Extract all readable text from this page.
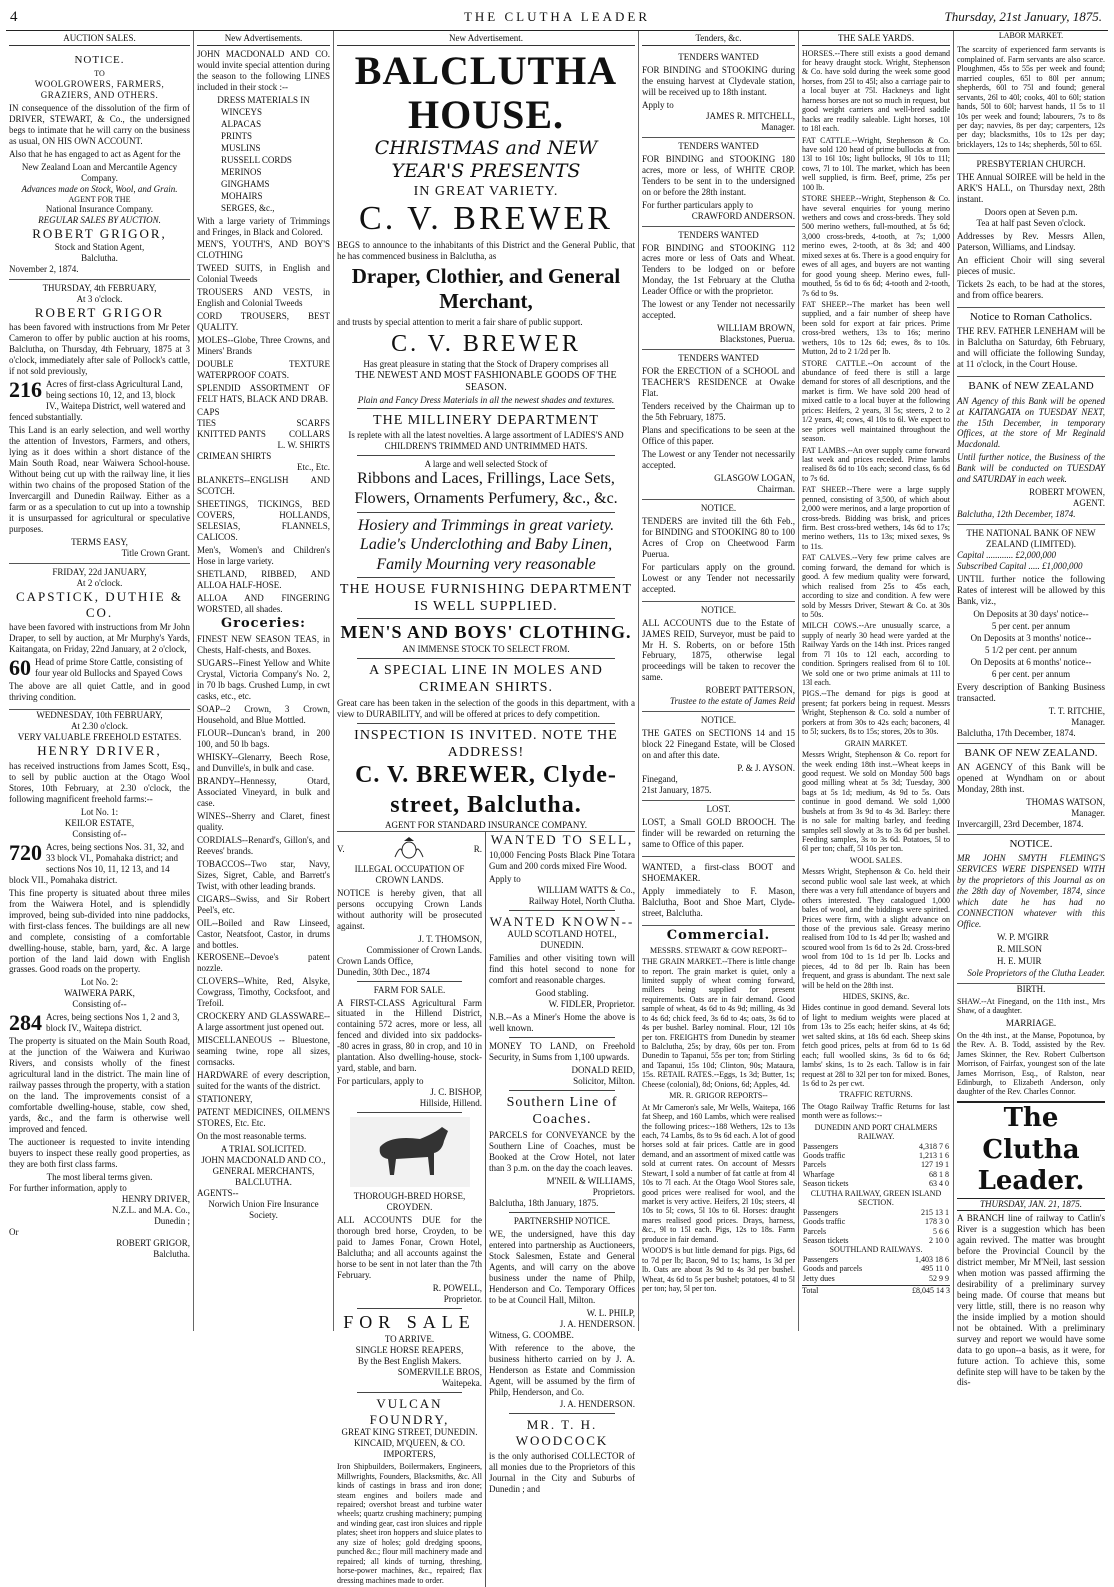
4	THE CLUTHA LEADER	Thursday, 21st January, 1875.
AUCTION SALES.
NOTICE.
TO
WOOLGROWERS, FARMERS, GRAZIERS, AND OTHERS.
IN consequence of the dissolution of the firm of DRIVER, STEWART, & Co., the undersigned begs to intimate that he will carry on the business as usual, ON HIS OWN ACCOUNT.
Also that he has engaged to act as Agent for the
New Zealand Loan and Mercantile Agency Company.
Advances made on Stock, Wool, and Grain.
AGENT FOR THE
National Insurance Company.
REGULAR SALES BY AUCTION.
ROBERT GRIGOR,
Stock and Station Agent,
Balclutha.
November 2, 1874.
THURSDAY, 4th FEBRUARY,
At 3 o'clock.
ROBERT GRIGOR
has been favored with instructions from Mr Peter Cameron to offer by public auction at his rooms, Balclutha, on Thursday, 4th February, 1875 at 3 o'clock, immediately after sale of Pollock's cattle, if not sold previously,
216 Acres of first-class Agricultural Land, being sections 10, 12, and 13, block IV., Waitepa District, well watered and fenced substantially.
This Land is an early selection, and well worthy the attention of Investors, Farmers, and others, lying as it does within a short distance of the Main South Road, near Waiwera School-house. Without being cut up with the railway line, it lies within two chains of the proposed Station of the Invercargill and Dunedin Railway. Either as a farm or as a speculation to cut up into a township it is unsurpassed for agricultural or speculative purposes.
TERMS EASY,
Title Crown Grant.
FRIDAY, 22d JANUARY,
At 2 o'clock.
CAPSTICK, DUTHIE & CO.
have been favored with instructions from Mr John Draper, to sell by auction, at Mr Murphy's Yards, Kaitangata, on Friday, 22nd January, at 2 o'clock,
60 Head of prime Store Cattle, consisting of four year old Bullocks and Spayed Cows
The above are all quiet Cattle, and in good thriving condition.
WEDNESDAY, 10th FEBRUARY,
At 2.30 o'clock.
VERY VALUABLE FREEHOLD ESTATES.
HENRY DRIVER,
has received instructions from James Scott, Esq., to sell by public auction at the Otago Wool Stores, 10th February, at 2.30 o'clock, the following magnificent freehold farms:--
Lot No. 1:
KEILOR ESTATE,
Consisting of--
720 Acres, being sections Nos. 31, 32, and 33 block VI., Pomahaka district; and sections Nos 10, 11, 12 13, and 14 block VII., Pomahaka district.
This fine property is situated about three miles from the Waiwera Hotel, and is splendidly improved, being sub-divided into nine paddocks, with first-class fences. The buildings are all new and complete, consisting of a comfortable dwelling-house, stable, barn, yard, &c. A large portion of the land laid down with English grasses. Good roads on the property.
Lot No. 2:
WAIWERA PARK,
Consisting of--
284 Acres, being sections Nos 1, 2 and 3, block IV., Waitepa district.
The property is situated on the Main South Road, at the junction of the Waiwera and Kuriwao Rivers, and consists wholly of the finest agricultural land in the district. The main line of railway passes through the property, with a station on the land. The improvements consist of a comfortable dwelling-house, stable, cow shed, yards, &c., and the farm is otherwise well improved and fenced.
The auctioneer is requested to invite intending buyers to inspect these really good properties, as they are both first class farms.
The most liberal terms given.
For further information, apply to
HENRY DRIVER,
N.Z.L. and M.A. Co.,
Dunedin ;
Or
ROBERT GRIGOR,
Balclutha.
New Advertisements.
JOHN MACDONALD AND CO. would invite special attention during the season to the following LINES included in their stock :--
DRESS MATERIALS IN
WINCEYS
ALPACAS
PRINTS
MUSLINS
RUSSELL CORDS
MERINOS
GINGHAMS
MOHAIRS
SERGES, &c.,
With a large variety of Trimmings and Fringes, in Black and Colored.
MEN'S, YOUTH'S, AND BOY'S CLOTHING
TWEED SUITS, in English and Colonial Tweeds
TROUSERS AND VESTS, in English and Colonial Tweeds
CORD TROUSERS, BEST QUALITY.
MOLES--Globe, Three Crowns, and Miners' Brands
DOUBLE TEXTURE WATERPROOF COATS.
SPLENDID ASSORTMENT OF FELT HATS, BLACK AND DRAB.
CAPS
TIES	SCARFS
KNITTED PANTS	COLLARS
L. W. SHIRTS
CRIMEAN SHIRTS
Etc., Etc.
BLANKETS--ENGLISH AND SCOTCH.
SHEETINGS, TICKINGS, BED COVERS, HOLLANDS, SELESIAS, FLANNELS, CALICOS.
Men's, Women's and Children's Hose in large variety.
SHETLAND, RIBBED, AND ALLOA HALF-HOSE.
ALLOA AND FINGERING WORSTED, all shades.
Groceries:
FINEST NEW SEASON TEAS, in Chests, Half-chests, and Boxes.
SUGARS--Finest Yellow and White Crystal, Victoria Company's No. 2, in 70 lb bags. Crushed Lump, in cwt casks, etc., etc.
SOAP--2 Crown, 3 Crown, Household, and Blue Mottled.
FLOUR--Duncan's brand, in 200 100, and 50 lb bags.
WHISKY--Glenarry, Beech Rose, and Dunville's, in bulk and case.
BRANDY--Hennessy, Otard, Associated Vineyard, in bulk and case.
WINES--Sherry and Claret, finest quality.
CORDIALS--Renard's, Gillon's, and Reeves' brands.
TOBACCOS--Two star, Navy, Sizes, Sigret, Cable, and Barrett's Twist, with other leading brands.
CIGARS--Swiss, and Sir Robert Peel's, etc.
OIL--Boiled and Raw Linseed, Castor, Neatsfoot, Castor, in drums and bottles.
KEROSENE--Devoe's patent nozzle.
CLOVERS--White, Red, Alsyke, Cowgrass, Timothy, Cocksfoot, and Trefoil.
CROCKERY AND GLASSWARE--A large assortment just opened out.
MISCELLANEOUS -- Bluestone, seaming twine, rope all sizes, cornsacks.
HARDWARE of every description, suited for the wants of the district.
STATIONERY,
PATENT MEDICINES, OILMEN'S STORES, Etc. Etc.
On the most reasonable terms.
A TRIAL SOLICITED.
JOHN MACDONALD AND CO.,
GENERAL MERCHANTS,
BALCLUTHA.
AGENTS--
Norwich Union Fire Insurance Society.
New Advertisement.
BALCLUTHA HOUSE.
CHRISTMAS and NEW YEAR'S PRESENTS
IN GREAT VARIETY.
C. V. BREWER
BEGS to announce to the inhabitants of this District and the General Public, that he has commenced business in Balclutha, as
Draper, Clothier, and General Merchant,
and trusts by special attention to merit a fair share of public support.
C. V. BREWER
Has great pleasure in stating that the Stock of Drapery comprises all
THE NEWEST AND MOST FASHIONABLE GOODS OF THE SEASON.
Plain and Fancy Dress Materials in all the newest shades and textures.
THE MILLINERY DEPARTMENT
Is replete with all the latest novelties. A large assortment of LADIES'S AND CHILDREN'S TRIMMED AND UNTRIMMED HATS.
A large and well selected Stock of
Ribbons and Laces, Frillings, Lace Sets, Flowers, Ornaments Perfumery, &c., &c.
Hosiery and Trimmings in great variety.
Ladie's Underclothing and Baby Linen,
Family Mourning very reasonable
THE HOUSE FURNISHING DEPARTMENT IS WELL SUPPLIED.
MEN'S AND BOYS' CLOTHING.
AN IMMENSE STOCK TO SELECT FROM.
A SPECIAL LINE IN MOLES AND CRIMEAN SHIRTS.
Great care has been taken in the selection of the goods in this department, with a view to DURABILITY, and will be offered at prices to defy competition.
INSPECTION IS INVITED. NOTE THE ADDRESS!
C. V. BREWER, Clyde-street, Balclutha.
AGENT FOR STANDARD INSURANCE COMPANY.
V.	R.
ILLEGAL OCCUPATION OF CROWN LANDS.
NOTICE is hereby given, that all persons occupying Crown Lands without authority will be prosecuted against.
J. T. THOMSON,
Commissioner of Crown Lands.
Crown Lands Office,
Dunedin, 30th Dec., 1874
FARM FOR SALE.
A FIRST-CLASS Agricultural Farm situated in the Hillend District, containing 572 acres, more or less, all fenced and divided into six paddocks--80 acres in grass, 80 in crop, and 10 in plantation. Also dwelling-house, stock-yard, stable, and barn.
For particulars, apply to
J. C. BISHOP,
Hillside, Hillend.
THOROUGH-BRED HORSE, CROYDEN.
ALL ACCOUNTS DUE for the thorough bred horse, Croyden, to be paid to James Fonar, Crown Hotel, Balclutha; and all accounts against the horse to be sent in not later than the 7th February.
R. POWELL,
Proprietor.
FOR SALE
TO ARRIVE.
SINGLE HORSE REAPERS,
By the Best English Makers.
SOMERVILLE BROS,
Waitepeka.
VULCAN FOUNDRY,
GREAT KING STREET, DUNEDIN.
KINCAID, M'QUEEN, & CO.
IMPORTERS,
Iron Shipbuilders, Boilermakers, Engineers, Millwrights, Founders, Blacksmiths, &c. All kinds of castings in brass and iron done; steam engines and boilers made and repaired; overshot breast and turbine water wheels; quartz crushing machinery; pumping and winding gear, cast iron sluices and ripple plates; sheet iron hoppers and sluice plates to any size of holes; gold dredging spoons, punched &c.; flour mill machinery made and repaired; all kinds of turning, threshing, horse-power machines, &c., repaired; flax dressing machines made to order.
WANTED TO SELL,
10,000 Fencing Posts Black Pine Totara Gum and 200 cords mixed Fire Wood.
Apply to
WILLIAM WATTS & Co.,
Railway Hotel, North Clutha.
WANTED KNOWN--
AULD SCOTLAND HOTEL, DUNEDIN.
Families and other visiting town will find this hotel second to none for comfort and reasonable charges.
Good stabling.
W. FIDLER, Proprietor.
N.B.--As a Miner's Home the above is well known.
MONEY TO LAND, on Freehold Security, in Sums from 1,100 upwards.
DONALD REID,
Solicitor, Milton.
Southern Line of Coaches.
PARCELS for CONVEYANCE by the Southern Line of Coaches, must be Booked at the Crow Hotel, not later than 3 p.m. on the day the coach leaves.
M'NEIL & WILLIAMS,
Proprietors.
Balclutha, 18th January, 1875.
PARTNERSHIP NOTICE.
WE, the undersigned, have this day entered into partnership as Auctioneers, Stock Salesmen, Estate and General Agents, and will carry on the above business under the name of Philp, Henderson and Co. Temporary Offices to be at Council Hall, Milton.
W. L. PHILP,
J. A. HENDERSON.
Witness, G. COOMBE.
With reference to the above, the business hitherto carried on by J. A. Henderson as Estate and Commission Agent, will be assumed by the firm of Philp, Henderson, and Co.
J. A. HENDERSON.
MR. T. H. WOODCOCK
is the only authorised COLLECTOR of all monies due to the Proprietors of this Journal in the City and Suburbs of Dunedin ; and
Tenders, &c.
TENDERS WANTED
FOR BINDING and STOOKING during the ensuing harvest at Clydevale station, will be received up to 18th instant.
Apply to
JAMES R. MITCHELL,
Manager.
TENDERS WANTED
FOR BINDING and STOOKING 180 acres, more or less, of WHITE CROP. Tenders to be sent in to the undersigned on or before the 28th instant.
For further particulars apply to
CRAWFORD ANDERSON.
TENDERS WANTED
FOR BINDING and STOOKING 112 acres more or less of Oats and Wheat. Tenders to be lodged on or before Monday, the 1st February at the Clutha Leader Office or with the proprietor.
The lowest or any Tender not necessarily accepted.
WILLIAM BROWN,
Blackstones, Puerua.
TENDERS WANTED
FOR the ERECTION of a SCHOOL and TEACHER'S RESIDENCE at Owake Flat.
Tenders received by the Chairman up to the 5th February, 1875.
Plans and specifications to be seen at the Office of this paper.
The Lowest or any Tender not necessarily accepted.
GLASGOW LOGAN,
Chairman.
NOTICE.
TENDERS are invited till the 6th Feb., for BINDING and STOOKING 80 to 100 Acres of Crop on Cheetwood Farm Puerua.
For particulars apply on the ground. Lowest or any Tender not necessarily accepted.
NOTICE.
ALL ACCOUNTS due to the Estate of JAMES REID, Surveyor, must be paid to Mr H. S. Roberts, on or before 15th February, 1875, otherwise legal proceedings will be taken to recover the same.
ROBERT PATTERSON,
Trustee to the estate of James Reid
NOTICE.
THE GATES on SECTIONS 14 and 15 block 22 Finegand Estate, will be Closed on and after this date.
P. & J. AYSON.
Finegand,
21st January, 1875.
LOST.
LOST, a Small GOLD BROOCH. The finder will be rewarded on returning the same to Office of this paper.
WANTED, a first-class BOOT and SHOEMAKER.
Apply immediately to F. Mason, Balclutha, Boot and Shoe Mart, Clyde-street, Balclutha.
Commercial.
MESSRS. STEWART & GOW REPORT--
THE GRAIN MARKET.--There is little change to report. The grain market is quiet, only a limited supply of wheat coming forward, millers being supplied for present requirements. Oats are in fair demand. Good sample of wheat, 4s 6d to 4s 9d; milling, 4s 3d to 4s 6d; chick feed, 3s 6d to 4s; oats, 3s 6d to 4s per bushel. Barley nominal. Flour, 12l 10s per ton. FREIGHTS from Dunedin by steamer to Balclutha, 25s; by dray, 60s per ton. From Dunedin to Tapanui, 55s per ton; from Stirling and Tapanui, 15s 10d; Clinton, 90s; Mataura, 15s. RETAIL RATES.--Eggs, 1s 3d; Butter, 1s; Cheese (colonial), 8d; Onions, 6d; Apples, 4d.
MR. R. GRIGOR REPORTS--
At Mr Cameron's sale, Mr Wells, Waitepa, 166 fat Sheep, and 160 Lambs, which were realised the following prices:--188 Wethers, 12s to 13s each, 74 Lambs, 8s to 9s 6d each. A lot of good horses sold at fair prices. Cattle are in good demand, and an assortment of mixed cattle was sold at current rates. On account of Messrs Stewart, I sold a number of fat cattle at from 4l 10s to 7l each. At the Otago Wool Stores sale, good prices were realised for wool, and the market is very active. Heifers, 2l 10s; steers, 4l 10s to 5l; cows, 5l 10s to 6l. Horses: draught mares realised good prices. Drays, harness, &c., 9l to 15l each. Pigs, 12s to 18s. Farm produce in fair demand.
WOOD'S is but little demand for pigs. Pigs, 6d to 7d per lb; Bacon, 9d to 1s; hams, 1s 3d per lb. Oats are about 3s 9d to 4s 3d per bushel. Wheat, 4s 6d to 5s per bushel; potatoes, 4l to 5l per ton; hay, 5l per ton.
THE SALE YARDS.
HORSES.--There still exists a good demand for heavy draught stock. Wright, Stephenson & Co. have sold during the week some good horses, from 25l to 45l; also a carriage pair to a local buyer at 75l. Hackneys and light harness horses are not so much in request, but good weight carriers and well-bred saddle hacks are readily saleable. Light horses, 10l to 18l each.
FAT CATTLE.--Wright, Stephenson & Co. have sold 120 head of prime bullocks at from 13l to 16l 10s; light bullocks, 9l 10s to 11l; cows, 7l to 10l. The market, which has been well supplied, is firm. Beef, prime, 25s per 100 lb.
STORE SHEEP.--Wright, Stephenson & Co. have several enquiries for young merino wethers and cows and cross-breds. They sold 500 merino wethers, full-mouthed, at 5s 6d; 3,000 cross-breds, 4-tooth, at 7s; 1,000 merino ewes, 2-tooth, at 8s 3d; and 400 mixed sexes at 6s. There is a good enquiry for ewes of all ages, and buyers are not wanting for good young sheep. Merino ewes, full-mouthed, 5s 6d to 6s 6d; 4-tooth and 2-tooth, 7s 6d to 9s.
FAT SHEEP.--The market has been well supplied, and a fair number of sheep have been sold for export at fair prices. Prime cross-bred wethers, 13s to 16s; merino wethers, 10s to 12s 6d; ewes, 8s to 10s. Mutton, 2d to 2 1/2d per lb.
STORE CATTLE.--On account of the abundance of feed there is still a large demand for stores of all descriptions, and the market is firm. We have sold 200 head of mixed cattle to a local buyer at the following prices: Heifers, 2 years, 3l 5s; steers, 2 to 2 1/2 years, 4l; cows, 4l 10s to 6l. We expect to see prices well maintained throughout the season.
FAT LAMBS.--An over supply came forward last week and prices receded. Prime lambs realised 8s 6d to 10s each; second class, 6s 6d to 7s 6d.
FAT SHEEP.--There were a large supply penned, consisting of 3,500, of which about 2,000 were merinos, and a large proportion of cross-breds. Bidding was brisk, and prices firm. Best cross-bred wethers, 14s 6d to 17s; merino wethers, 11s to 13s; mixed sexes, 9s to 11s.
FAT CALVES.--Very few prime calves are coming forward, the demand for which is good. A few medium quality were forward, which realised from 25s to 45s each, according to size and condition. A few were sold by Messrs Driver, Stewart & Co. at 30s to 50s.
MILCH COWS.--Are unusually scarce, a supply of nearly 30 head were yarded at the Railway Yards on the 14th inst. Prices ranged from 7l 10s to 12l each, according to condition. Springers realised from 6l to 10l. We sold one or two prime animals at 11l to 13l each.
PIGS.--The demand for pigs is good at present; fat porkers being in request. Messrs Wright, Stephenson & Co. sold a number of porkers at from 30s to 42s each; baconers, 4l to 5l; suckers, 8s to 15s; stores, 20s to 30s.
GRAIN MARKET.
Messrs Wright, Stephenson & Co. report for the week ending 18th inst.--Wheat keeps in good request. We sold on Monday 500 bags good milling wheat at 5s 3d; Tuesday, 300 bags at 5s 1d; medium, 4s 9d to 5s. Oats continue in good demand. We sold 1,000 bushels at from 3s 9d to 4s 3d. Barley: there is no sale for malting barley, and feeding samples sell slowly at 3s to 3s 6d per bushel. Feeding samples, 3s to 3s 6d. Potatoes, 5l to 6l per ton; chaff, 5l 10s per ton.
WOOL SALES.
Messrs Wright, Stephenson & Co. held their second public wool sale last week, at which there was a very full attendance of buyers and others interested. They catalogued 1,000 bales of wool, and the biddings were spirited. Prices were firm, with a slight advance on those of the previous sale. Greasy merino realised from 10d to 1s 4d per lb; washed and scoured wool from 1s 6d to 2s 2d. Cross-bred wool from 10d to 1s 1d per lb. Locks and pieces, 4d to 8d per lb. Rain has been frequent, and grass is abundant. The next sale will be held on the 28th inst.
HIDES, SKINS, &c.
Hides continue in good demand. Several lots of light to medium weights were placed at from 13s to 25s each; heifer skins, at 4s 6d; wet salted skins, at 18s 6d each. Sheep skins fetch good prices, pelts at from 6d to 1s 6d each; full woolled skins, 3s 6d to 6s 6d; lambs' skins, 1s to 2s each. Tallow is in fair request at 28l to 32l per ton for mixed. Bones, 1s 6d to 2s per cwt.
TRAFFIC RETURNS.
The Otago Railway Traffic Returns for last month were as follows:--
DUNEDIN AND PORT CHALMERS RAILWAY.
Passengers	4,318 7 6
Goods traffic	1,213 1 6
Parcels	127 19 1
Wharfage	68 1 8
Season tickets	63 4 0
CLUTHA RAILWAY, GREEN ISLAND SECTION.
Passengers	215 13 1
Goods traffic	178 3 0
Parcels	5 6 6
Season tickets	2 10 0
SOUTHLAND RAILWAYS.
Passengers	1,403 18 6
Goods and parcels	495 11 0
Jetty dues	52 9 9
Total	£8,045 14 3
LABOR MARKET.
The scarcity of experienced farm servants is complained of. Farm servants are also scarce. Ploughmen, 45s to 55s per week and found; married couples, 65l to 80l per annum; shepherds, 60l to 75l and found; general servants, 26l to 40l; cooks, 40l to 60l; station hands, 50l to 60l; harvest hands, 1l 5s to 1l 10s per week and found; labourers, 7s to 8s per day; navvies, 8s per day; carpenters, 12s per day; blacksmiths, 10s to 12s per day; bricklayers, 12s to 14s; shepherds, 50l to 65l.
PRESBYTERIAN CHURCH.
THE Annual SOIREE will be held in the ARK'S HALL, on Thursday next, 28th instant.
Doors open at Seven p.m.
Tea at half past Seven o'clock.
Addresses by Rev. Messrs Allen, Paterson, Williams, and Lindsay.
An efficient Choir will sing several pieces of music.
Tickets 2s each, to be had at the stores, and from office bearers.
Notice to Roman Catholics.
THE REV. FATHER LENEHAM will be in Balclutha on Saturday, 6th February, and will officiate the following Sunday, at 11 o'clock, in the Court House.
BANK of NEW ZEALAND
AN Agency of this Bank will be opened at KAITANGATA on TUESDAY NEXT, the 15th December, in temporary Offices, at the store of Mr Reginald Macdonald.
Until further notice, the Business of the Bank will be conducted on TUESDAY and SATURDAY in each week.
ROBERT M'OWEN,
AGENT.
Balclutha, 12th December, 1874.
THE NATIONAL BANK OF NEW ZEALAND (LIMITED).
Capital ............ £2,000,000
Subscribed Capital ..... £1,000,000
UNTIL further notice the following Rates of interest will be allowed by this Bank, viz.,
On Deposits at 30 days' notice--
5 per cent. per annum
On Deposits at 3 months' notice--
5 1/2 per cent. per annum
On Deposits at 6 months' notice--
6 per cent. per annum
Every description of Banking Business transacted.
T. T. RITCHIE,
Manager.
Balclutha, 17th December, 1874.
BANK OF NEW ZEALAND.
AN AGENCY of this Bank will be opened at Wyndham on or about Monday, 28th inst.
THOMAS WATSON,
Manager.
Invercargill, 23rd December, 1874.
NOTICE.
MR JOHN SMYTH FLEMING'S SERVICES WERE DISPENSED WITH by the proprietors of this Journal as on the 28th day of November, 1874, since which date he has had no CONNECTION whatever with this Office.
W. P. M'GIRR
R. MILSON
H. E. MUIR
Sole Proprietors of the Clutha Leader.
BIRTH.
SHAW.--At Finegand, on the 11th inst., Mrs Shaw, of a daughter.
MARRIAGE.
On the 4th inst., at the Manse, Popotunoa, by the Rev. A. B. Todd, assisted by the Rev. James Skinner, the Rev. Robert Culbertson Morrison, of Fairfax, youngest son of the late James Morrison, Esq., of Ralston, near Edinburgh, to Elizabeth Anderson, only daughter of the Rev. Charles Connor.
The Clutha Leader.
THURSDAY, JAN. 21, 1875.
A BRANCH line of railway to Catlin's River is a suggestion which has been again revived. The matter was brought before the Provincial Council by the district member, Mr M'Neil, last session when motion was passed affirming the desirability of a preliminary survey being made. Of course that means but very little, still, there is no reason why the inside implied by a motion should not be obtained. With a preliminary survey and report we would have some data to go upon--a basis, as it were, for future action. To achieve this, some definite step will have to be taken by the dis-
